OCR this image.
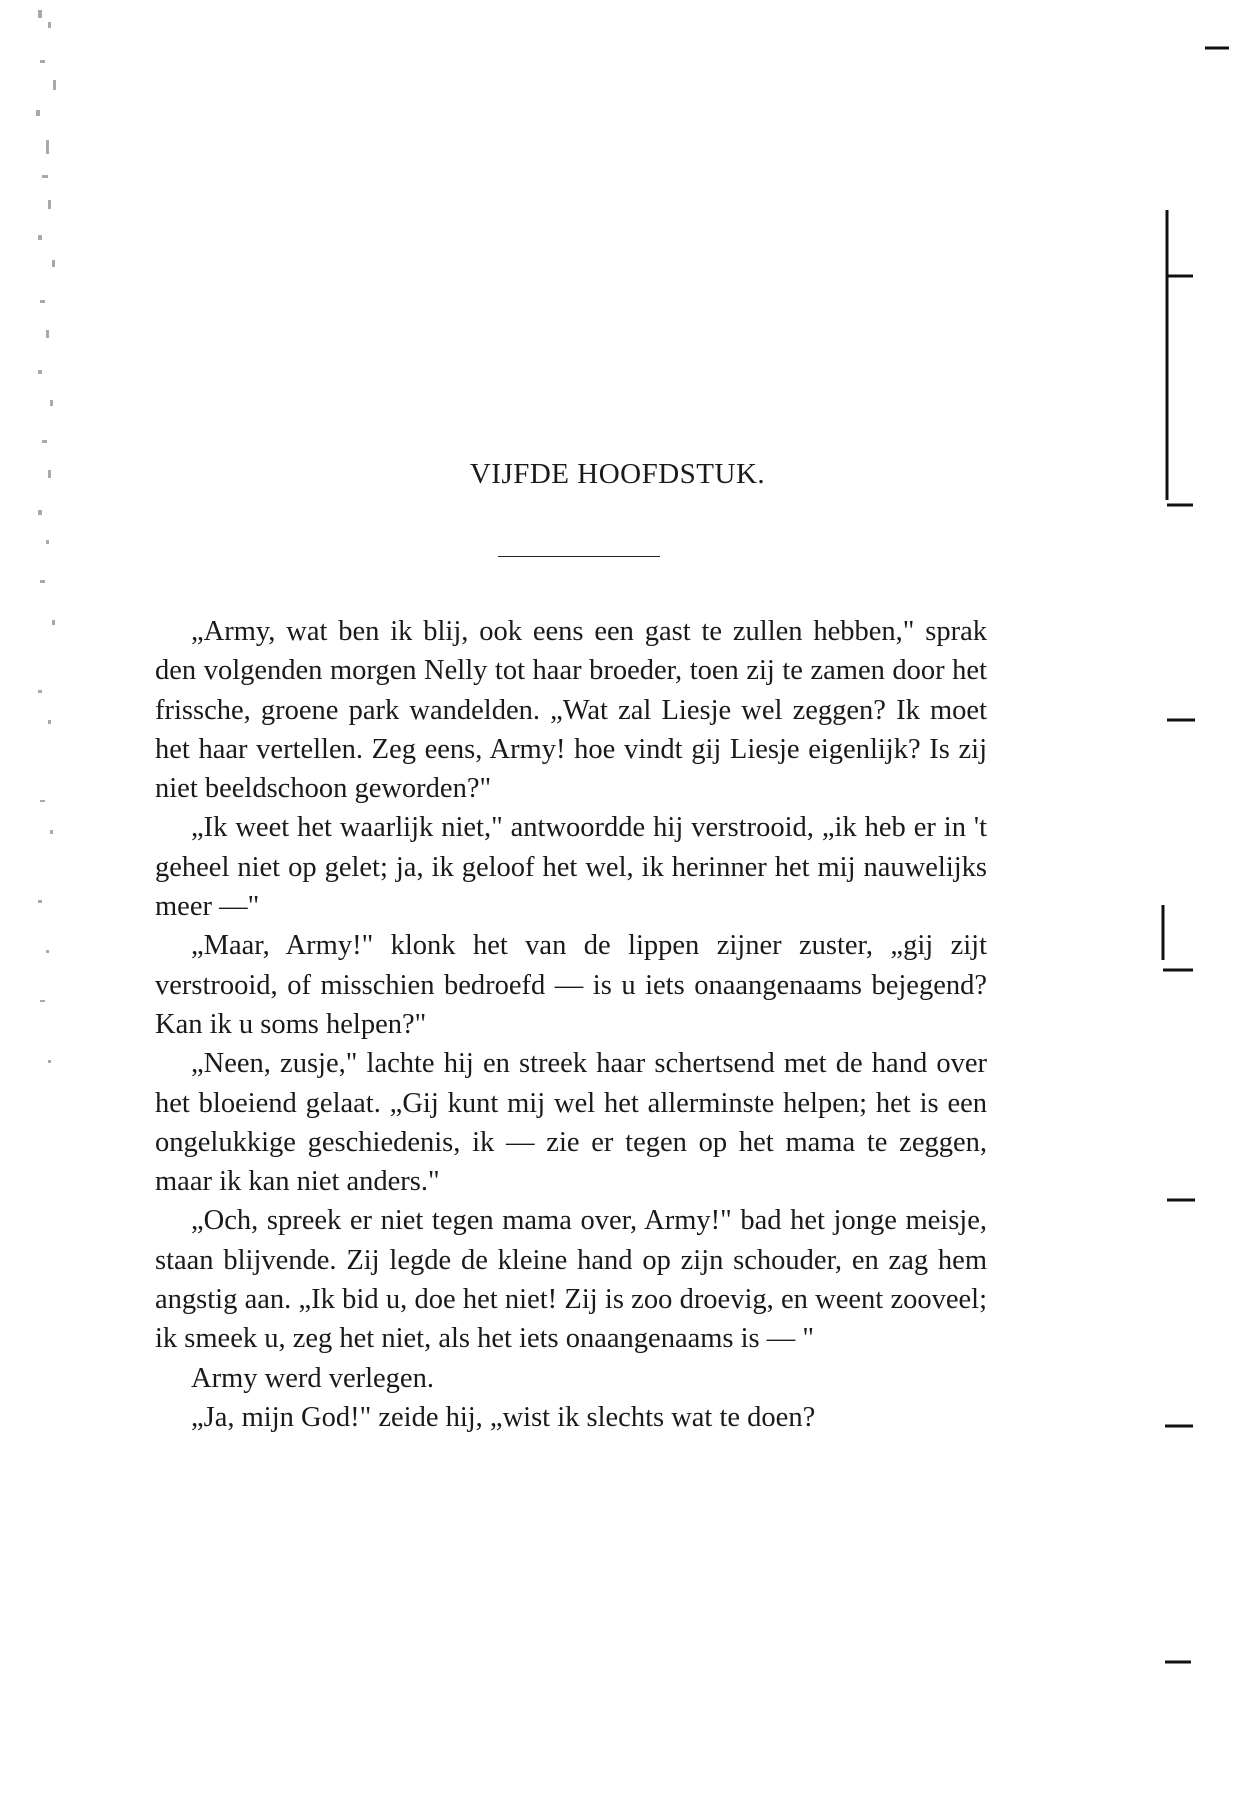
VIJFDE HOOFDSTUK.

„Army, wat ben ik blij, ook eens een gast te zullen hebben," sprak den volgenden morgen Nelly tot haar broeder, toen zij te zamen door het frissche, groene park wandelden. „Wat zal Liesje wel zeggen? Ik moet het haar vertellen. Zeg eens, Army! hoe vindt gij Liesje eigenlijk? Is zij niet beeldschoon geworden?"

„Ik weet het waarlijk niet," antwoordde hij verstrooid, „ik heb er in 't geheel niet op gelet; ja, ik geloof het wel, ik herinner het mij nauwelijks meer —"

„Maar, Army!" klonk het van de lippen zijner zuster, „gij zijt verstrooid, of misschien bedroefd — is u iets onaangenaams bejegend? Kan ik u soms helpen?"

„Neen, zusje," lachte hij en streek haar schertsend met de hand over het bloeiend gelaat. „Gij kunt mij wel het allerminste helpen; het is een ongelukkige geschiedenis, ik — zie er tegen op het mama te zeggen, maar ik kan niet anders."

„Och, spreek er niet tegen mama over, Army!" bad het jonge meisje, staan blijvende. Zij legde de kleine hand op zijn schouder, en zag hem angstig aan. „Ik bid u, doe het niet! Zij is zoo droevig, en weent zooveel; ik smeek u, zeg het niet, als het iets onaangenaams is — "

Army werd verlegen.

„Ja, mijn God!" zeide hij, „wist ik slechts wat te doen?
